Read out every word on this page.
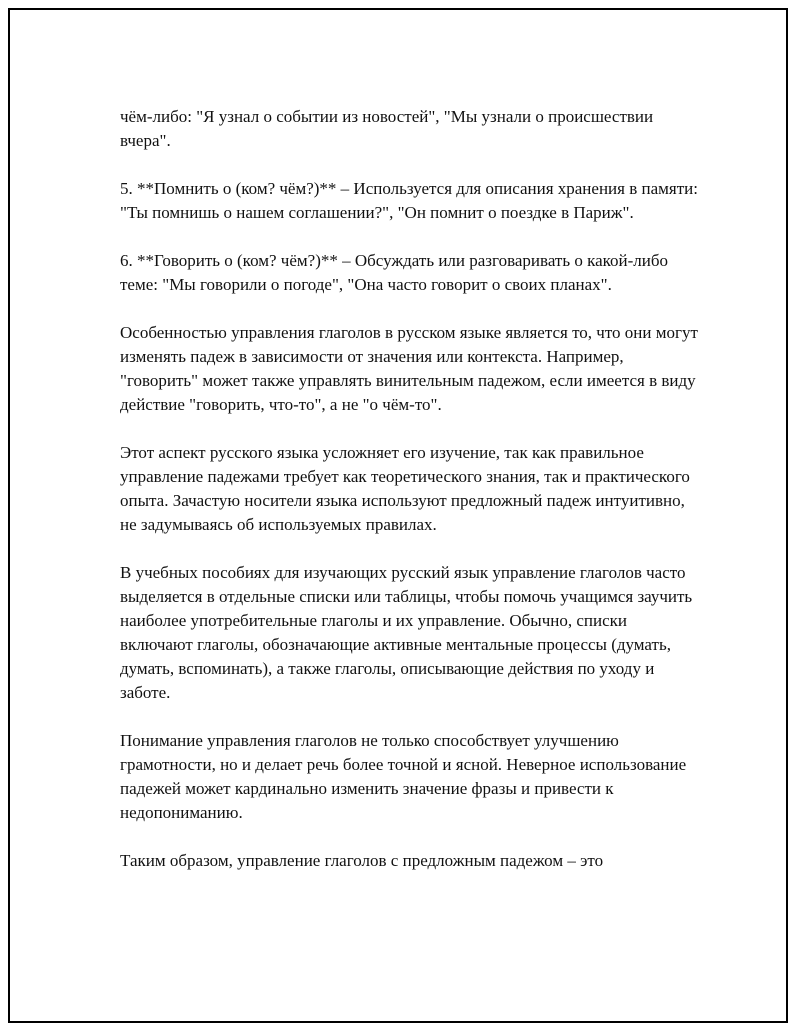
чём-либо: "Я узнал о событии из новостей", "Мы узнали о происшествии вчера".

5. **Помнить о (ком? чём?)** – Используется для описания хранения в памяти: "Ты помнишь о нашем соглашении?", "Он помнит о поездке в Париж".

6. **Говорить о (ком? чём?)** – Обсуждать или разговаривать о какой-либо теме: "Мы говорили о погоде", "Она часто говорит о своих планах".

Особенностью управления глаголов в русском языке является то, что они могут изменять падеж в зависимости от значения или контекста. Например, "говорить" может также управлять винительным падежом, если имеется в виду действие "говорить, что-то", а не "о чём-то".

Этот аспект русского языка усложняет его изучение, так как правильное управление падежами требует как теоретического знания, так и практического опыта. Зачастую носители языка используют предложный падеж интуитивно, не задумываясь об используемых правилах.

В учебных пособиях для изучающих русский язык управление глаголов часто выделяется в отдельные списки или таблицы, чтобы помочь учащимся заучить наиболее употребительные глаголы и их управление. Обычно, списки включают глаголы, обозначающие активные ментальные процессы (думать, думать, вспоминать), а также глаголы, описывающие действия по уходу и заботе.

Понимание управления глаголов не только способствует улучшению грамотности, но и делает речь более точной и ясной. Неверное использование падежей может кардинально изменить значение фразы и привести к недопониманию.

Таким образом, управление глаголов с предложным падежом – это
